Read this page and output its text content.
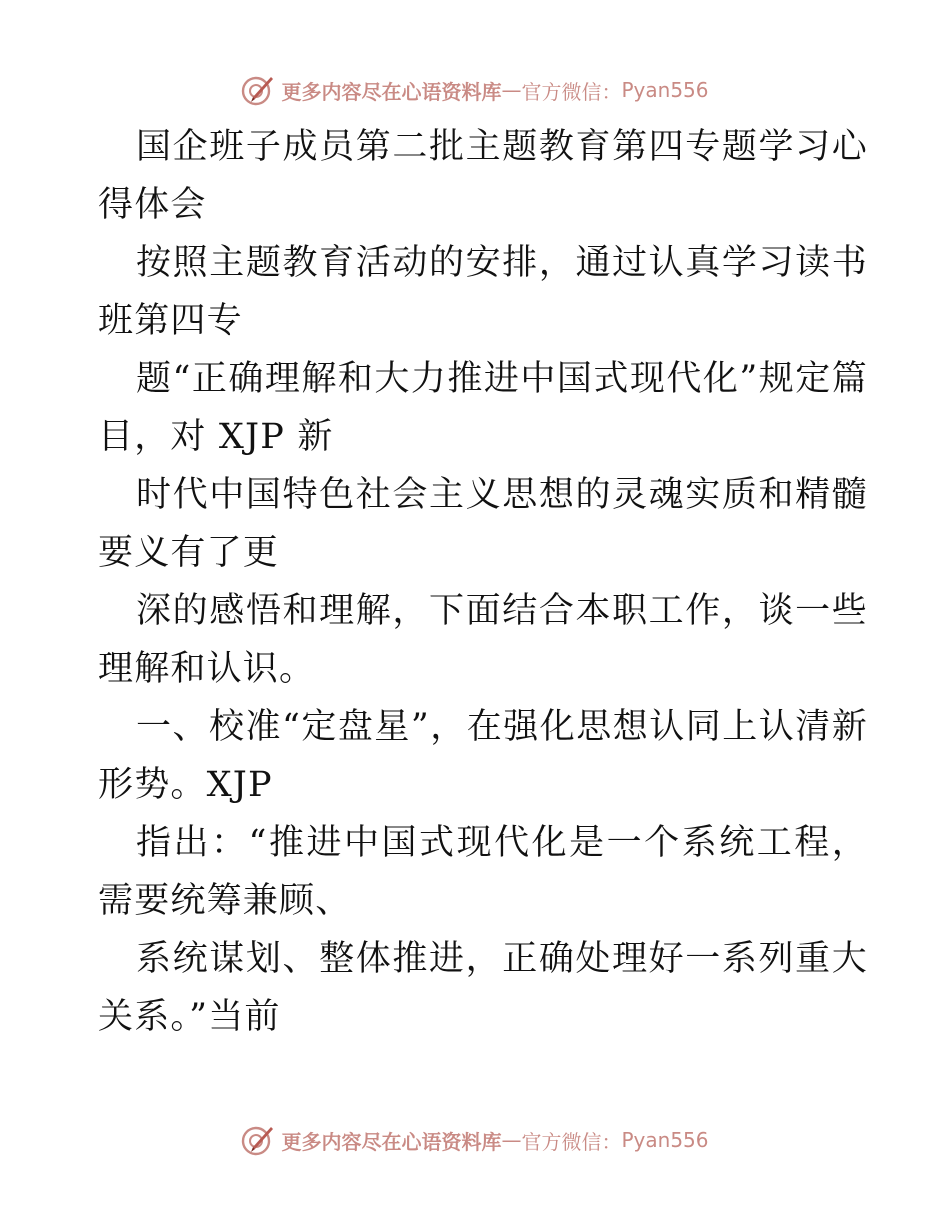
更多内容尽在心语资料库 — 官方微信： Pyan556

国企班子成员第二批主题教育第四专题学习心得体会

按照主题教育活动的安排，通过认真学习读书班第四专

题“正确理解和大力推进中国式现代化”规定篇目，对 XJP 新

时代中国特色社会主义思想的灵魂实质和精髓要义有了更

深的感悟和理解，下面结合本职工作，谈一些理解和认识。

一、校准“定盘星”，在强化思想认同上认清新形势。XJP

指出：“推进中国式现代化是一个系统工程，需要统筹兼顾、

系统谋划、整体推进，正确处理好一系列重大关系。”当前

更多内容尽在心语资料库 — 官方微信： Pyan556
